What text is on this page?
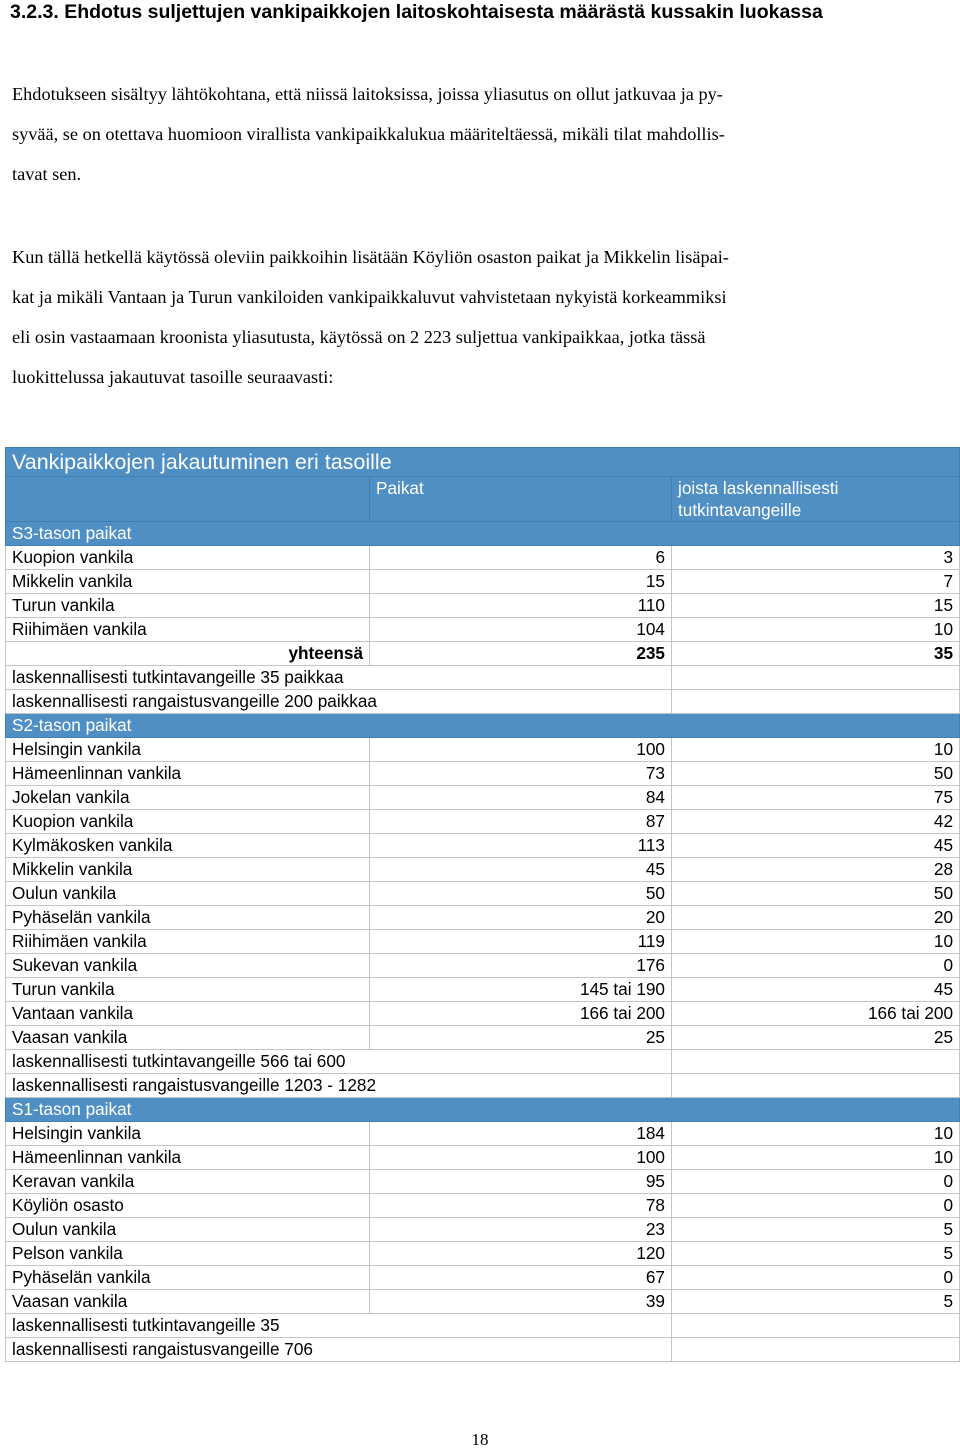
3.2.3. Ehdotus suljettujen vankipaikkojen laitoskohtaisesta määrästä kussakin luokassa
Ehdotukseen sisältyy lähtökohtana, että niissä laitoksissa, joissa yliasutus on ollut jatkuvaa ja py-
syvää, se on otettava huomioon virallista vankipaikkalukua määriteltäessä, mikäli tilat mahdollis-
tavat sen.
Kun tällä hetkellä käytössä oleviin paikkoihin lisätään Köyliön osaston paikat ja Mikkelin lisäpai-
kat ja mikäli Vantaan ja Turun vankiloiden vankipaikkaluvut vahvistetaan nykyistä korkeammiksi
eli osin vastaamaan kroonista yliasutusta, käytössä on 2 223 suljettua vankipaikkaa, jotka tässä
luokittelussa jakautuvat tasoille seuraavasti:
Vankipaikkojen jakautuminen eri tasoille		
	Paikat	joista laskennallisesti tutkintavangeille
S3-tason paikat		
Kuopion vankila	6	3
Mikkelin vankila	15	7
Turun vankila	110	15
Riihimäen vankila	104	10
yhteensä	235	35
laskennallisesti tutkintavangeille 35 paikkaa		
laskennallisesti rangaistusvangeille 200 paikkaa		
S2-tason paikat		
Helsingin vankila	100	10
Hämeenlinnan vankila	73	50
Jokelan vankila	84	75
Kuopion vankila	87	42
Kylmäkosken vankila	113	45
Mikkelin vankila	45	28
Oulun vankila	50	50
Pyhäselän vankila	20	20
Riihimäen vankila	119	10
Sukevan vankila	176	0
Turun vankila	145 tai 190	45
Vantaan vankila	166 tai 200	166 tai 200
Vaasan vankila	25	25
laskennallisesti tutkintavangeille 566 tai 600		
laskennallisesti rangaistusvangeille 1203 - 1282		
S1-tason paikat		
Helsingin vankila	184	10
Hämeenlinnan vankila	100	10
Keravan vankila	95	0
Köyliön osasto	78	0
Oulun vankila	23	5
Pelson vankila	120	5
Pyhäselän vankila	67	0
Vaasan vankila	39	5
laskennallisesti tutkintavangeille 35		
laskennallisesti rangaistusvangeille 706		
18
